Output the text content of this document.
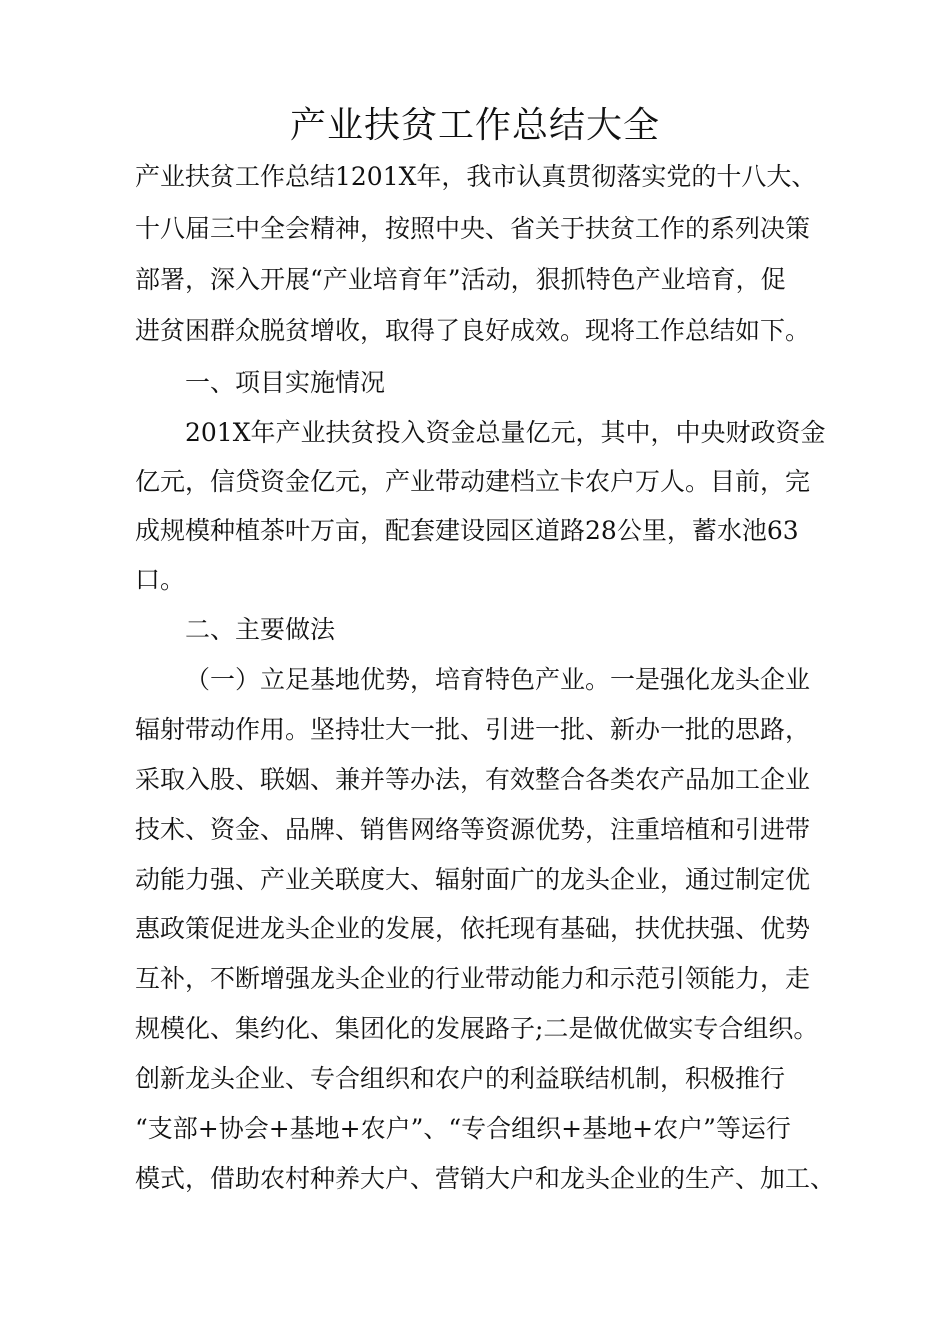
产业扶贫工作总结大全
产业扶贫工作总结1201X年，我市认真贯彻落实党的十八大、
十八届三中全会精神，按照中央、省关于扶贫工作的系列决策
部署，深入开展“产业培育年”活动，狠抓特色产业培育，促
进贫困群众脱贫增收，取得了良好成效。现将工作总结如下。
一、项目实施情况
201X年产业扶贫投入资金总量亿元，其中，中央财政资金
亿元，信贷资金亿元，产业带动建档立卡农户万人。目前，完
成规模种植茶叶万亩，配套建设园区道路28公里，蓄水池63
口。
二、主要做法
（一）立足基地优势，培育特色产业。一是强化龙头企业
辐射带动作用。坚持壮大一批、引进一批、新办一批的思路，
采取入股、联姻、兼并等办法，有效整合各类农产品加工企业
技术、资金、品牌、销售网络等资源优势，注重培植和引进带
动能力强、产业关联度大、辐射面广的龙头企业，通过制定优
惠政策促进龙头企业的发展，依托现有基础，扶优扶强、优势
互补，不断增强龙头企业的行业带动能力和示范引领能力，走
规模化、集约化、集团化的发展路子;二是做优做实专合组织。
创新龙头企业、专合组织和农户的利益联结机制，积极推行
“支部+协会+基地+农户”、“专合组织+基地+农户”等运行
模式，借助农村种养大户、营销大户和龙头企业的生产、加工、
